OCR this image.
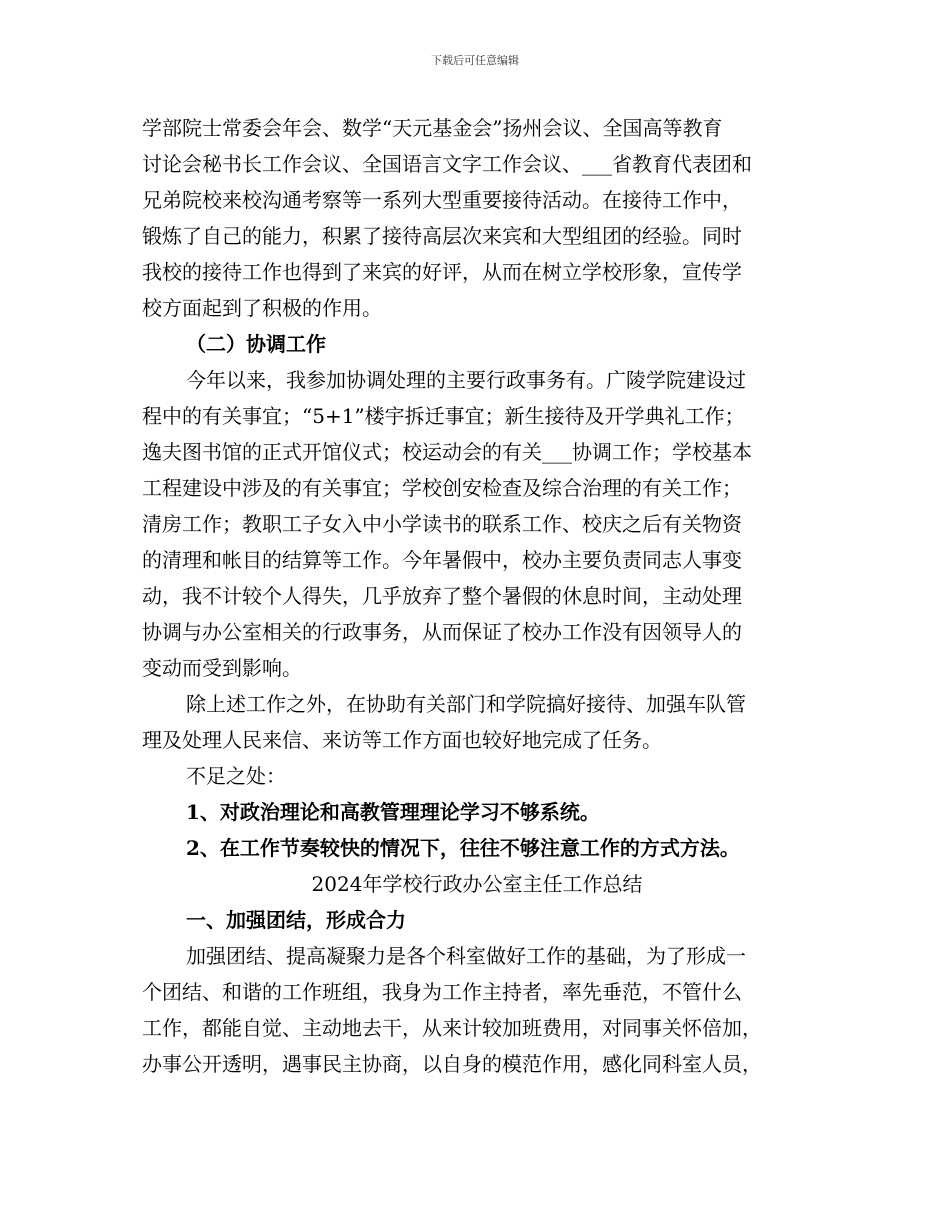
下载后可任意编辑
学部院士常委会年会、数学“天元基金会”扬州会议、全国高等教育
讨论会秘书长工作会议、全国语言文字工作会议、___省教育代表团和
兄弟院校来校沟通考察等一系列大型重要接待活动。在接待工作中，
锻炼了自己的能力，积累了接待高层次来宾和大型组团的经验。同时
我校的接待工作也得到了来宾的好评，从而在树立学校形象，宣传学
校方面起到了积极的作用。
（二）协调工作
今年以来，我参加协调处理的主要行政事务有。广陵学院建设过
程中的有关事宜；“5+1”楼宇拆迁事宜；新生接待及开学典礼工作；
逸夫图书馆的正式开馆仪式；校运动会的有关___协调工作；学校基本
工程建设中涉及的有关事宜；学校创安检查及综合治理的有关工作；
清房工作；教职工子女入中小学读书的联系工作、校庆之后有关物资
的清理和帐目的结算等工作。今年暑假中，校办主要负责同志人事变
动，我不计较个人得失，几乎放弃了整个暑假的休息时间，主动处理
协调与办公室相关的行政事务，从而保证了校办工作没有因领导人的
变动而受到影响。
除上述工作之外，在协助有关部门和学院搞好接待、加强车队管
理及处理人民来信、来访等工作方面也较好地完成了任务。
不足之处：
1、对政治理论和高教管理理论学习不够系统。
2、在工作节奏较快的情况下，往往不够注意工作的方式方法。
2024年学校行政办公室主任工作总结
一、加强团结，形成合力
加强团结、提高凝聚力是各个科室做好工作的基础，为了形成一
个团结、和谐的工作班组，我身为工作主持者，率先垂范，不管什么
工作，都能自觉、主动地去干，从来计较加班费用，对同事关怀倍加，
办事公开透明，遇事民主协商，以自身的模范作用，感化同科室人员，
